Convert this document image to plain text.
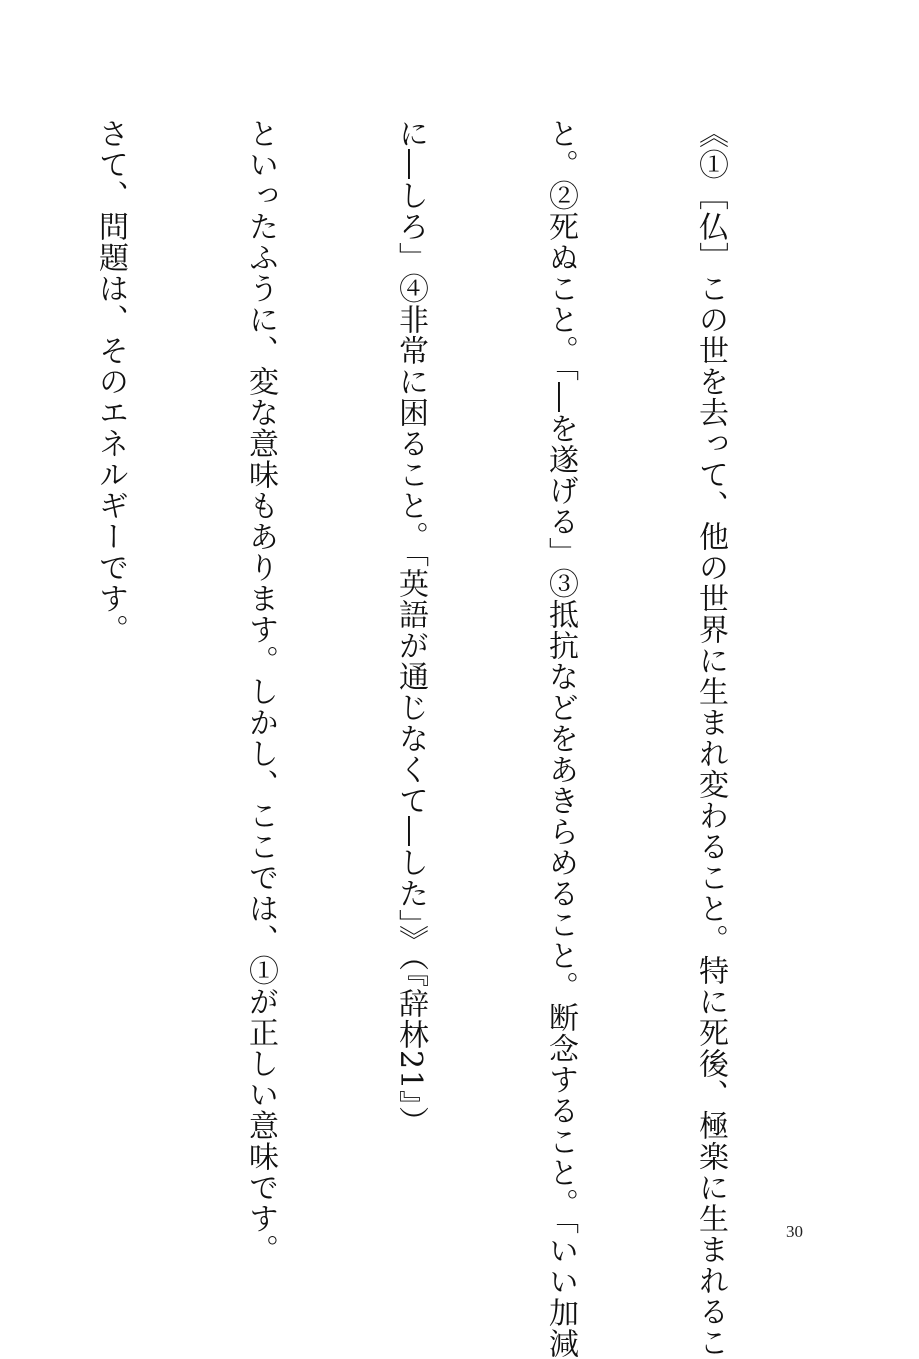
《①［仏］この世を去って、他の世界に生まれ変わること。特に死後、極楽に生まれるこ

と。②死ぬこと。「―を遂げる」③抵抗などをあきらめること。断念すること。「いい加減

に―しろ」④非常に困ること。「英語が通じなくて―した」》（『辞林21』）

といったふうに、変な意味もあります。しかし、ここでは、①が正しい意味です。

さて、問題は、そのエネルギーです。

30
